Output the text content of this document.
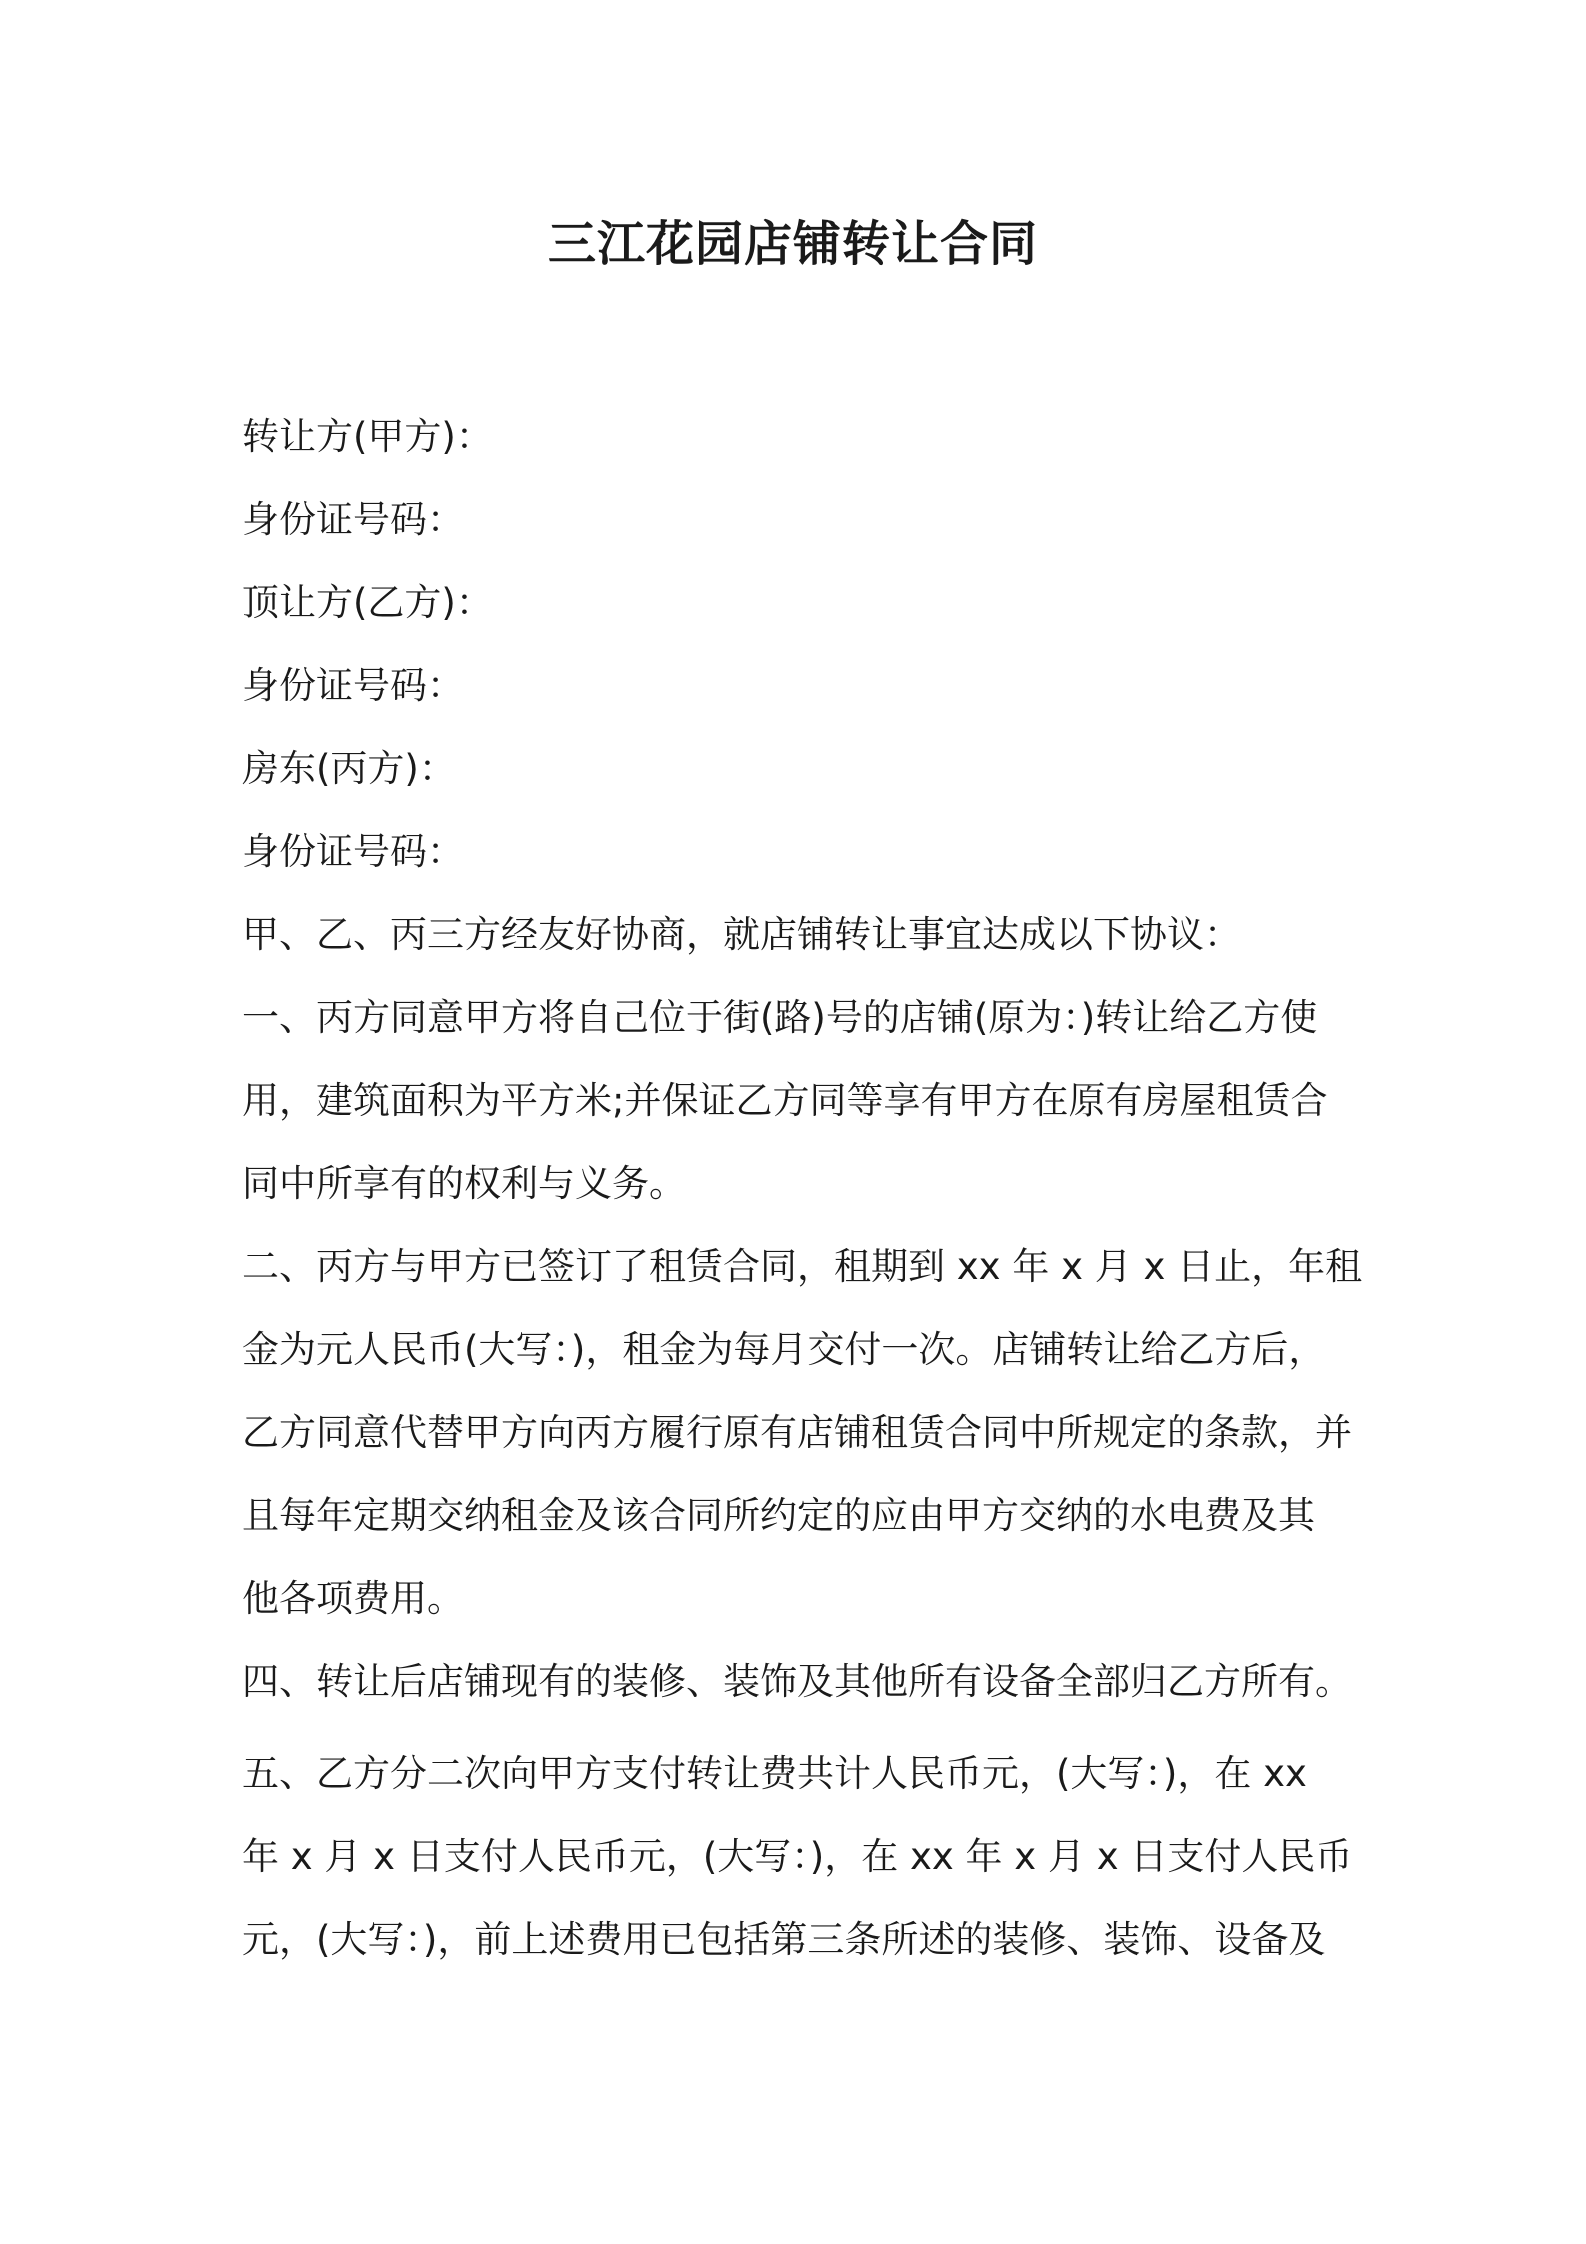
三江花园店铺转让合同
转让方(甲方)：
身份证号码：
顶让方(乙方)：
身份证号码：
房东(丙方)：
身份证号码：
甲、乙、丙三方经友好协商，就店铺转让事宜达成以下协议：
一、丙方同意甲方将自己位于街(路)号的店铺(原为：)转让给乙方使
用，建筑面积为平方米;并保证乙方同等享有甲方在原有房屋租赁合
同中所享有的权利与义务。
二、丙方与甲方已签订了租赁合同，租期到 xx 年 x 月 x 日止，年租
金为元人民币(大写：)，租金为每月交付一次。店铺转让给乙方后，
乙方同意代替甲方向丙方履行原有店铺租赁合同中所规定的条款，并
且每年定期交纳租金及该合同所约定的应由甲方交纳的水电费及其
他各项费用。
四、转让后店铺现有的装修、装饰及其他所有设备全部归乙方所有。
五、乙方分二次向甲方支付转让费共计人民币元，(大写：)，在 xx
年 x 月 x 日支付人民币元，(大写：)，在 xx 年 x 月 x 日支付人民币
元，(大写：)，前上述费用已包括第三条所述的装修、装饰、设备及
